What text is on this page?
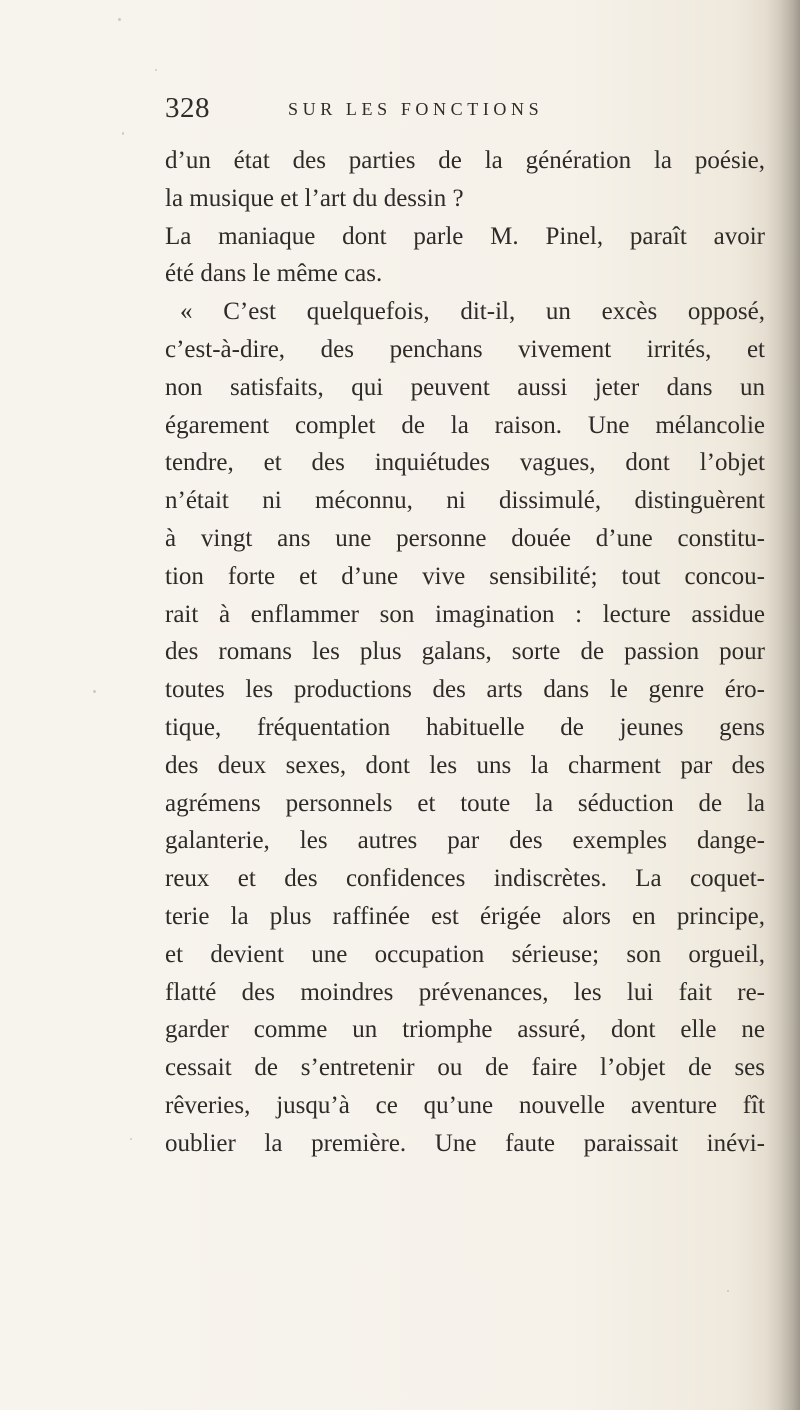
328	SUR LES FONCTIONS
d’un état des parties de la génération la poésie,
la musique et l’art du dessin ?
La maniaque dont parle M. Pinel, paraît avoir
été dans le même cas.
« C’est quelquefois, dit-il, un excès opposé,
c’est-à-dire, des penchans vivement irrités, et
non satisfaits, qui peuvent aussi jeter dans un
égarement complet de la raison. Une mélancolie
tendre, et des inquiétudes vagues, dont l’objet
n’était ni méconnu, ni dissimulé, distinguèrent
à vingt ans une personne douée d’une constitu-
tion forte et d’une vive sensibilité; tout concou-
rait à enflammer son imagination : lecture assidue
des romans les plus galans, sorte de passion pour
toutes les productions des arts dans le genre éro-
tique, fréquentation habituelle de jeunes gens
des deux sexes, dont les uns la charment par des
agrémens personnels et toute la séduction de la
galanterie, les autres par des exemples dange-
reux et des confidences indiscrètes. La coquet-
terie la plus raffinée est érigée alors en principe,
et devient une occupation sérieuse; son orgueil,
flatté des moindres prévenances, les lui fait re-
garder comme un triomphe assuré, dont elle ne
cessait de s’entretenir ou de faire l’objet de ses
rêveries, jusqu’à ce qu’une nouvelle aventure fît
oublier la première. Une faute paraissait inévi-
